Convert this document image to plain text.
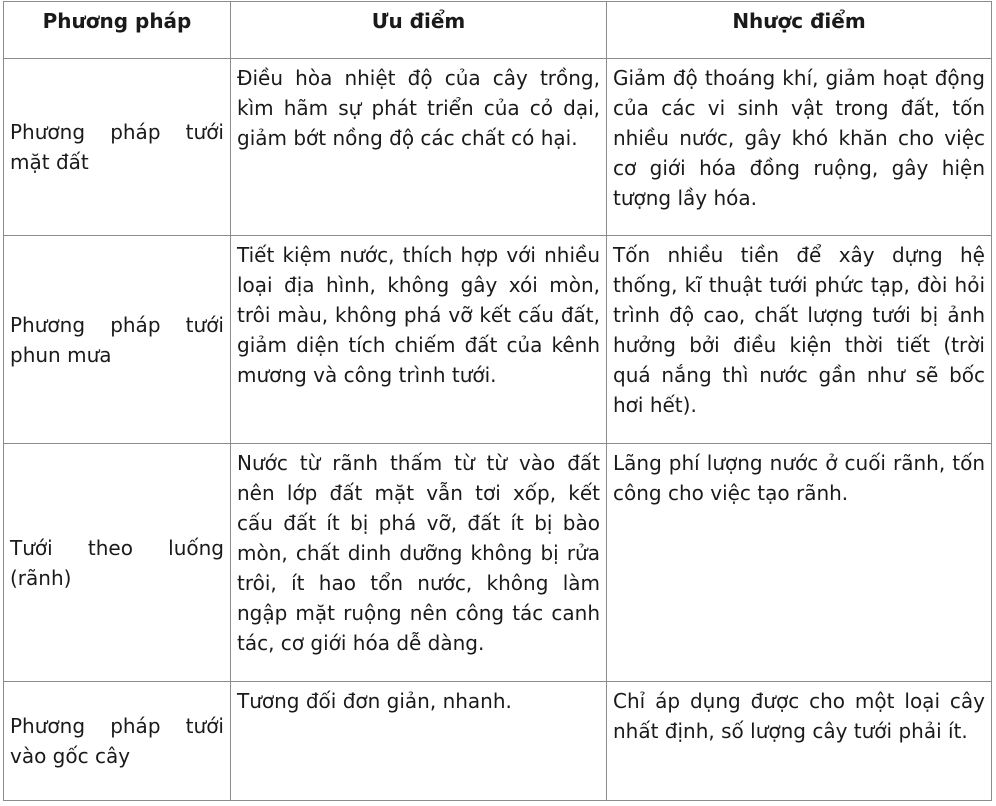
Phương pháp	Ưu điểm	Nhược điểm
Phương pháp tưới mặt đất	Điều hòa nhiệt độ của cây trồng, kìm hãm sự phát triển của cỏ dại, giảm bớt nồng độ các chất có hại.	Giảm độ thoáng khí, giảm hoạt động của các vi sinh vật trong đất, tốn nhiều nước, gây khó khăn cho việc cơ giới hóa đồng ruộng, gây hiện tượng lầy hóa.
Phương pháp tưới phun mưa	Tiết kiệm nước, thích hợp với nhiều loại địa hình, không gây xói mòn, trôi màu, không phá vỡ kết cấu đất, giảm diện tích chiếm đất của kênh mương và công trình tưới.	Tốn nhiều tiền để xây dựng hệ thống, kĩ thuật tưới phức tạp, đòi hỏi trình độ cao, chất lượng tưới bị ảnh hưởng bởi điều kiện thời tiết (trời quá nắng thì nước gần như sẽ bốc hơi hết).
Tưới theo luống (rãnh)	Nước từ rãnh thấm từ từ vào đất nên lớp đất mặt vẫn tơi xốp, kết cấu đất ít bị phá vỡ, đất ít bị bào mòn, chất dinh dưỡng không bị rửa trôi, ít hao tổn nước, không làm ngập mặt ruộng nên công tác canh tác, cơ giới hóa dễ dàng.	Lãng phí lượng nước ở cuối rãnh, tốn công cho việc tạo rãnh.
Phương pháp tưới vào gốc cây	Tương đối đơn giản, nhanh.	Chỉ áp dụng được cho một loại cây nhất định, số lượng cây tưới phải ít.
